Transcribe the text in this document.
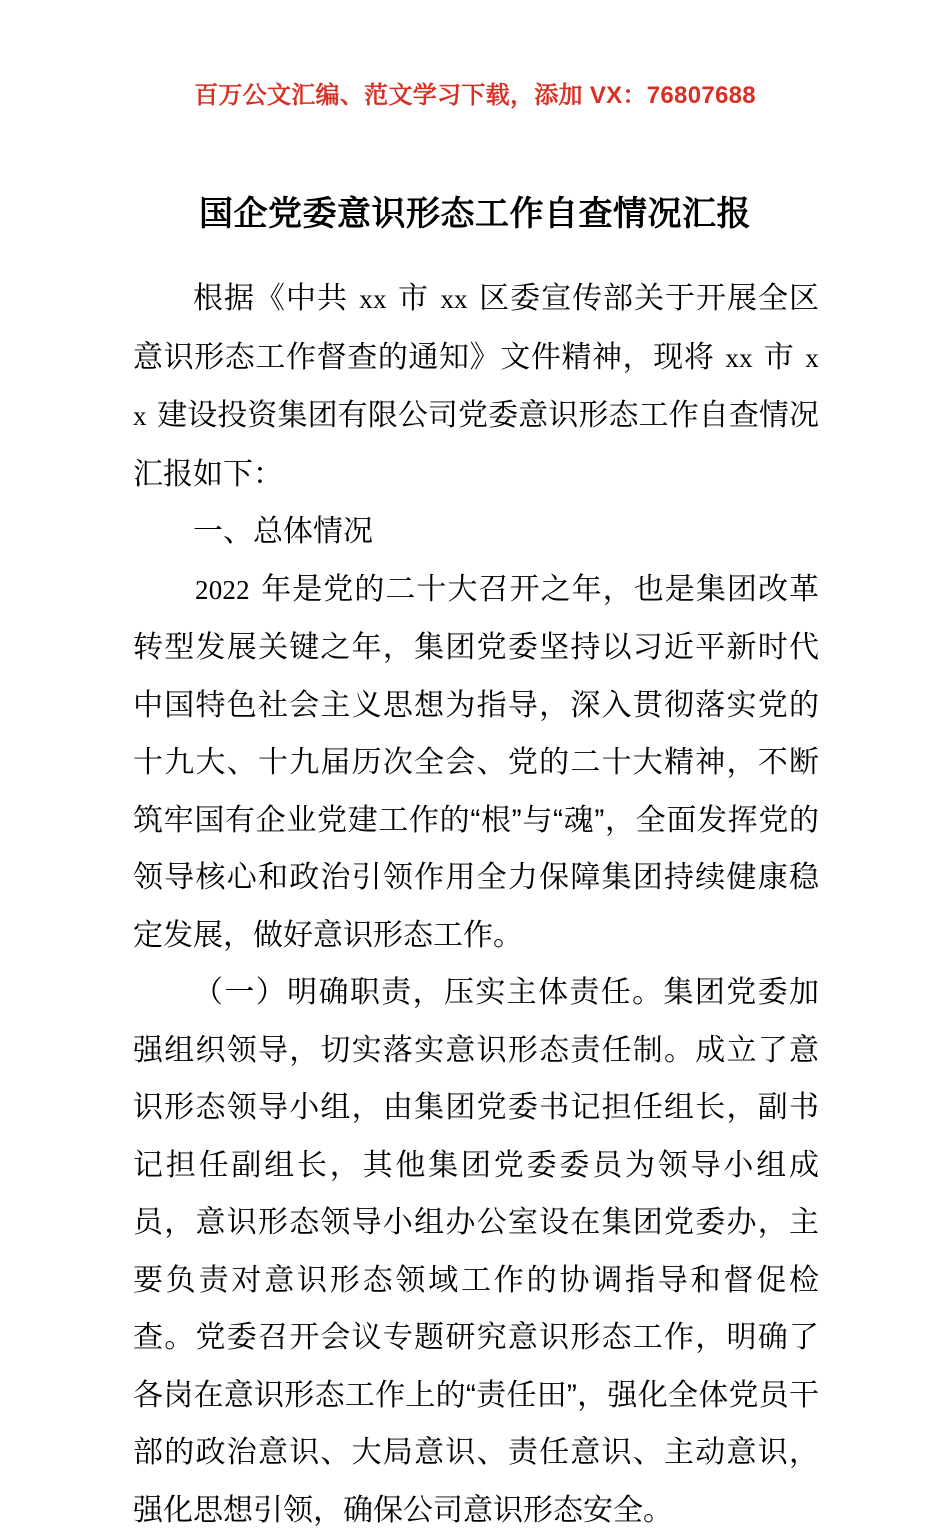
百万公文汇编、范文学习下载，添加 VX：76807688
国企党委意识形态工作自查情况汇报

根据《中共 xx 市 xx 区委宣传部关于开展全区意识形态工作督查的通知》文件精神，现将 xx 市 xx 建设投资集团有限公司党委意识形态工作自查情况汇报如下：

一、总体情况

2022 年是党的二十大召开之年，也是集团改革转型发展关键之年，集团党委坚持以习近平新时代中国特色社会主义思想为指导，深入贯彻落实党的十九大、十九届历次全会、党的二十大精神，不断筑牢国有企业党建工作的“根”与“魂”，全面发挥党的领导核心和政治引领作用全力保障集团持续健康稳定发展，做好意识形态工作。

（一）明确职责，压实主体责任。集团党委加强组织领导，切实落实意识形态责任制。成立了意识形态领导小组，由集团党委书记担任组长，副书记担任副组长，其他集团党委委员为领导小组成员，意识形态领导小组办公室设在集团党委办，主要负责对意识形态领域工作的协调指导和督促检查。党委召开会议专题研究意识形态工作，明确了各岗在意识形态工作上的“责任田”，强化全体党员干部的政治意识、大局意识、责任意识、主动意识，强化思想引领，确保公司意识形态安全。
